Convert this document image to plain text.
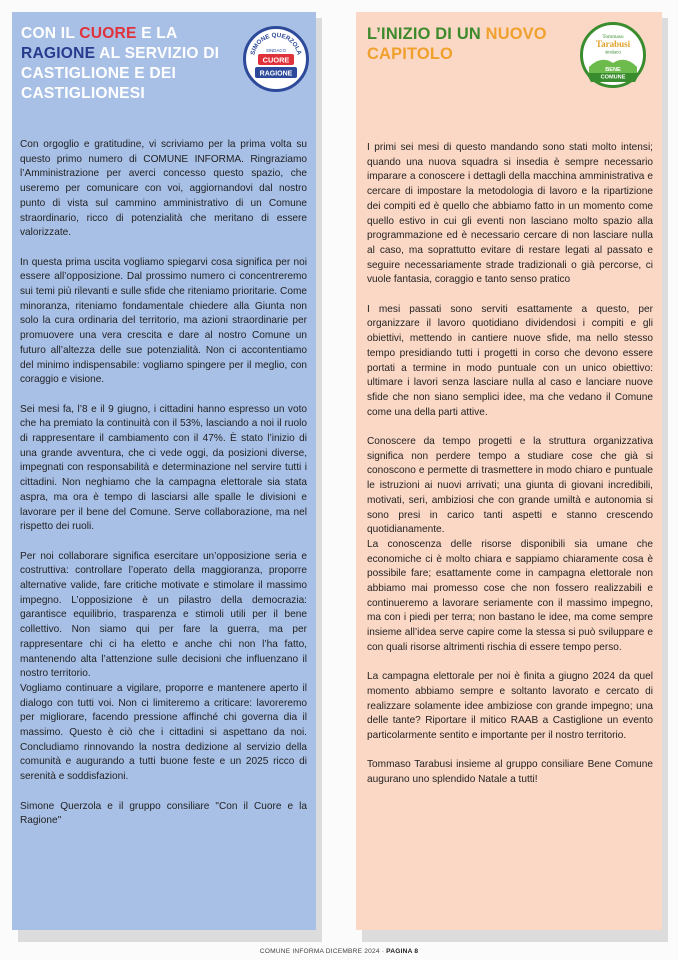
CON IL CUORE E LA RAGIONE AL SERVIZIO DI CASTIGLIONE E DEI CASTIGLIONESI
SIMONE QUERZOLA
SINDACO
CUORE
RAGIONE

Con orgoglio e gratitudine, vi scriviamo per la prima volta su questo primo numero di COMUNE INFORMA. Ringraziamo l’Amministrazione per averci concesso questo spazio, che useremo per comunicare con voi, aggiornandovi dal nostro punto di vista sul cammino amministrativo di un Comune straordinario, ricco di potenzialità che meritano di essere valorizzate.

In questa prima uscita vogliamo spiegarvi cosa significa per noi essere all’opposizione. Dal prossimo numero ci concentreremo sui temi più rilevanti e sulle sfide che riteniamo prioritarie. Come minoranza, riteniamo fondamentale chiedere alla Giunta non solo la cura ordinaria del territorio, ma azioni straordinarie per promuovere una vera crescita e dare al nostro Comune un futuro all’altezza delle sue potenzialità. Non ci accontentiamo del minimo indispensabile: vogliamo spingere per il meglio, con coraggio e visione.

Sei mesi fa, l’8 e il 9 giugno, i cittadini hanno espresso un voto che ha premiato la continuità con il 53%, lasciando a noi il ruolo di rappresentare il cambiamento con il 47%. È stato l’inizio di una grande avventura, che ci vede oggi, da posizioni diverse, impegnati con responsabilità e determinazione nel servire tutti i cittadini. Non neghiamo che la campagna elettorale sia stata aspra, ma ora è tempo di lasciarsi alle spalle le divisioni e lavorare per il bene del Comune. Serve collaborazione, ma nel rispetto dei ruoli.

Per noi collaborare significa esercitare un’opposizione seria e costruttiva: controllare l’operato della maggioranza, proporre alternative valide, fare critiche motivate e stimolare il massimo impegno. L’opposizione è un pilastro della democrazia: garantisce equilibrio, trasparenza e stimoli utili per il bene collettivo. Non siamo qui per fare la guerra, ma per rappresentare chi ci ha eletto e anche chi non l’ha fatto, mantenendo alta l’attenzione sulle decisioni che influenzano il nostro territorio.

Vogliamo continuare a vigilare, proporre e mantenere aperto il dialogo con tutti voi. Non ci limiteremo a criticare: lavoreremo per migliorare, facendo pressione affinché chi governa dia il massimo. Questo è ciò che i cittadini si aspettano da noi. Concludiamo rinnovando la nostra dedizione al servizio della comunità e augurando a tutti buone feste e un 2025 ricco di serenità e soddisfazioni.

Simone Querzola e il gruppo consiliare "Con il Cuore e la Ragione"

L’INIZIO DI UN NUOVO CAPITOLO
Tommaso
Tarabusi
sindaco
BENE
COMUNE

I primi sei mesi di questo mandando sono stati molto intensi; quando una nuova squadra si insedia è sempre necessario imparare a conoscere i dettagli della macchina amministrativa e cercare di impostare la metodologia di lavoro e la ripartizione dei compiti ed è quello che abbiamo fatto in un momento come quello estivo in cui gli eventi non lasciano molto spazio alla programmazione ed è necessario cercare di non lasciare nulla al caso, ma soprattutto evitare di restare legati al passato e seguire necessariamente strade tradizionali o già percorse, ci vuole fantasia, coraggio e tanto senso pratico

I mesi passati sono serviti esattamente a questo, per organizzare il lavoro quotidiano dividendosi i compiti e gli obiettivi, mettendo in cantiere nuove sfide, ma nello stesso tempo presidiando tutti i progetti in corso che devono essere portati a termine in modo puntuale con un unico obiettivo: ultimare i lavori senza lasciare nulla al caso e lanciare nuove sfide che non siano semplici idee, ma che vedano il Comune come una della parti attive.

Conoscere da tempo progetti e la struttura organizzativa significa non perdere tempo a studiare cose che già si conoscono e permette di trasmettere in modo chiaro e puntuale le istruzioni ai nuovi arrivati; una giunta di giovani incredibili, motivati, seri, ambiziosi che con grande umiltà e autonomia si sono presi in carico tanti aspetti e stanno crescendo quotidianamente.

La conoscenza delle risorse disponibili sia umane che economiche ci è molto chiara e sappiamo chiaramente cosa è possibile fare; esattamente come in campagna elettorale non abbiamo mai promesso cose che non fossero realizzabili e continueremo a lavorare seriamente con il massimo impegno, ma con i piedi per terra; non bastano le idee, ma come sempre insieme all’idea serve capire come la stessa si può sviluppare e con quali risorse altrimenti rischia di essere tempo perso.

La campagna elettorale per noi è finita a giugno 2024 da quel momento abbiamo sempre e soltanto lavorato e cercato di realizzare solamente idee ambiziose con grande impegno; una delle tante? Riportare il mitico RAAB a Castiglione un evento particolarmente sentito e importante per il nostro territorio.

Tommaso Tarabusi insieme al gruppo consiliare Bene Comune augurano uno splendido Natale a tutti!

COMUNE INFORMA DICEMBRE 2024 · PAGINA 8
